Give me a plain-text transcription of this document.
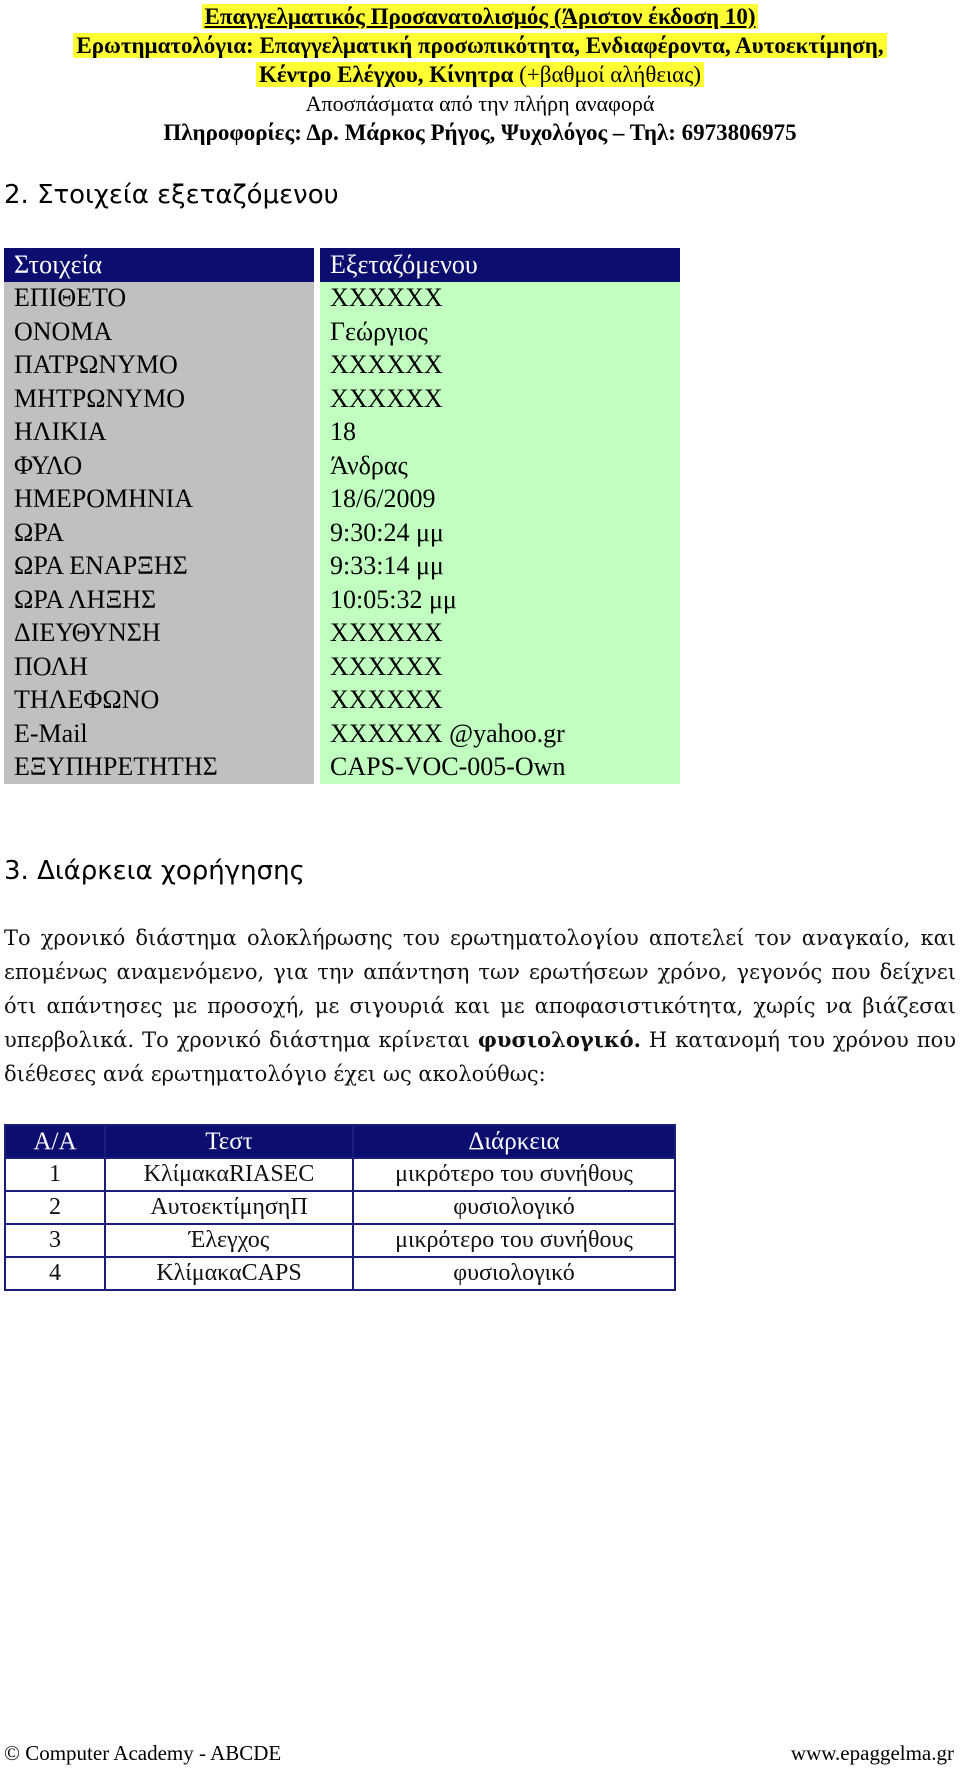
Επαγγελματικός Προσανατολισμός (Άριστον έκδοση 10)
Ερωτηματολόγια: Επαγγελματική προσωπικότητα, Ενδιαφέροντα, Αυτοεκτίμηση,
Κέντρο Ελέγχου, Κίνητρα (+βαθμοί αλήθειας)
Αποσπάσματα από την πλήρη αναφορά
Πληροφορίες: Δρ. Μάρκος Ρήγος, Ψυχολόγος – Τηλ: 6973806975
2. Στοιχεία εξεταζόμενου
Στοιχεία	Εξεταζόμενου
ΕΠΙΘΕΤΟ	XXXXXX
ΟΝΟΜΑ	Γεώργιος
ΠΑΤΡΩΝΥΜΟ	XXXXXX
ΜΗΤΡΩΝΥΜΟ	XXXXXX
ΗΛΙΚΙΑ	18
ΦΥΛΟ	Άνδρας
ΗΜΕΡΟΜΗΝΙΑ	18/6/2009
ΩΡΑ	9:30:24 μμ
ΩΡΑ ΕΝΑΡΞΗΣ	9:33:14 μμ
ΩΡΑ ΛΗΞΗΣ	10:05:32 μμ
ΔΙΕΥΘΥΝΣΗ	XXXXXX
ΠΟΛΗ	XXXXXX
ΤΗΛΕΦΩΝΟ	XXXXXX
E-Mail	XXXXXX @yahoo.gr
ΕΞΥΠΗΡΕΤΗΤΗΣ	CAPS-VOC-005-Own
3. Διάρκεια χορήγησης
Το χρονικό διάστημα ολοκλήρωσης του ερωτηματολογίου αποτελεί τον αναγκαίο, και επομένως αναμενόμενο, για την απάντηση των ερωτήσεων χρόνο, γεγονός που δείχνει ότι απάντησες με προσοχή, με σιγουριά και με αποφασιστικότητα, χωρίς να βιάζεσαι υπερβολικά. Το χρονικό διάστημα κρίνεται φυσιολογικό. Η κατανομή του χρόνου που διέθεσες ανά ερωτηματολόγιο έχει ως ακολούθως:
Α/Α	Τεστ	Διάρκεια
1	ΚλίμακαRIASEC	μικρότερο του συνήθους
2	ΑυτοεκτίμησηΠ	φυσιολογικό
3	Έλεγχος	μικρότερο του συνήθους
4	ΚλίμακαCAPS	φυσιολογικό
© Computer Academy - ABCDE	www.epaggelma.gr
